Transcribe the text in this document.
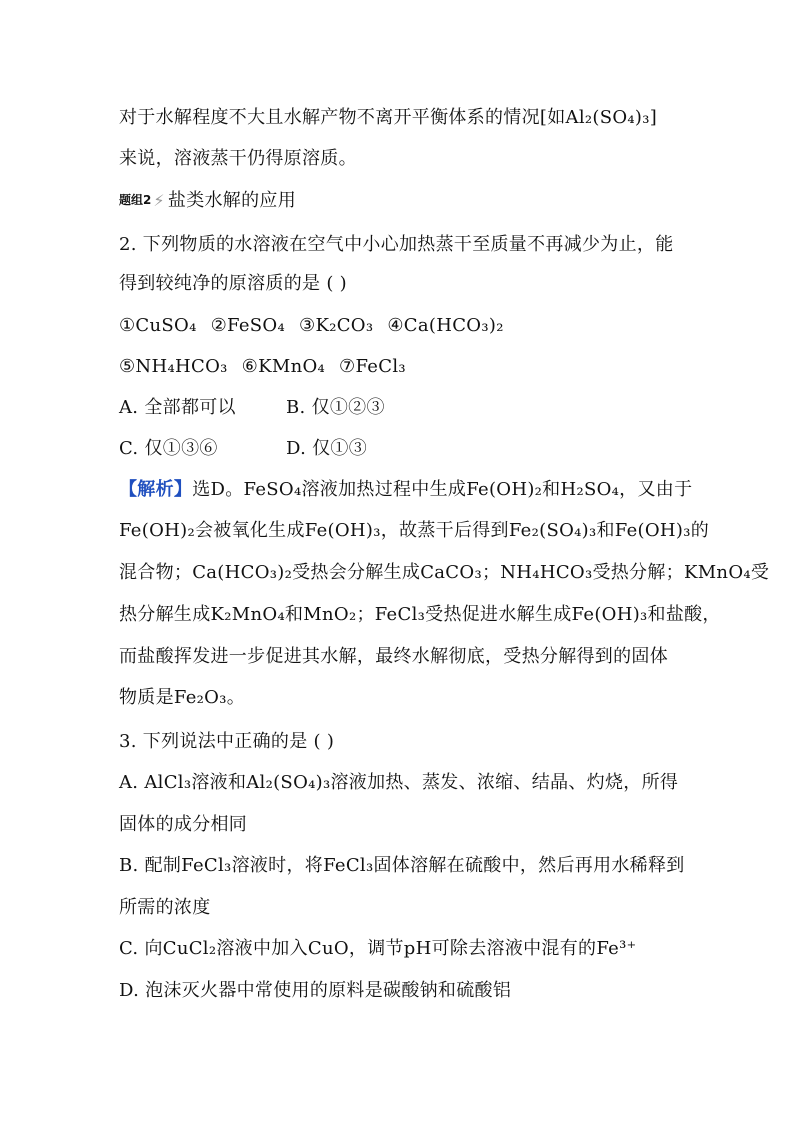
对于水解程度不大且水解产物不离开平衡体系的情况[如Al₂(SO₄)₃]
来说，溶液蒸干仍得原溶质。
题组2 ⚡ 盐类水解的应用
2. 下列物质的水溶液在空气中小心加热蒸干至质量不再减少为止，能
得到较纯净的原溶质的是 ( )
①CuSO₄ ②FeSO₄ ③K₂CO₃ ④Ca(HCO₃)₂
⑤NH₄HCO₃ ⑥KMnO₄ ⑦FeCl₃
A. 全部都可以	B. 仅①②③
C. 仅①③⑥	D. 仅①③
【解析】选D。FeSO₄溶液加热过程中生成Fe(OH)₂和H₂SO₄，又由于
Fe(OH)₂会被氧化生成Fe(OH)₃，故蒸干后得到Fe₂(SO₄)₃和Fe(OH)₃的
混合物；Ca(HCO₃)₂受热会分解生成CaCO₃；NH₄HCO₃受热分解；KMnO₄受
热分解生成K₂MnO₄和MnO₂；FeCl₃受热促进水解生成Fe(OH)₃和盐酸，
而盐酸挥发进一步促进其水解，最终水解彻底，受热分解得到的固体
物质是Fe₂O₃。
3. 下列说法中正确的是 ( )
A. AlCl₃溶液和Al₂(SO₄)₃溶液加热、蒸发、浓缩、结晶、灼烧，所得
固体的成分相同
B. 配制FeCl₃溶液时，将FeCl₃固体溶解在硫酸中，然后再用水稀释到
所需的浓度
C. 向CuCl₂溶液中加入CuO，调节pH可除去溶液中混有的Fe³⁺
D. 泡沫灭火器中常使用的原料是碳酸钠和硫酸铝
